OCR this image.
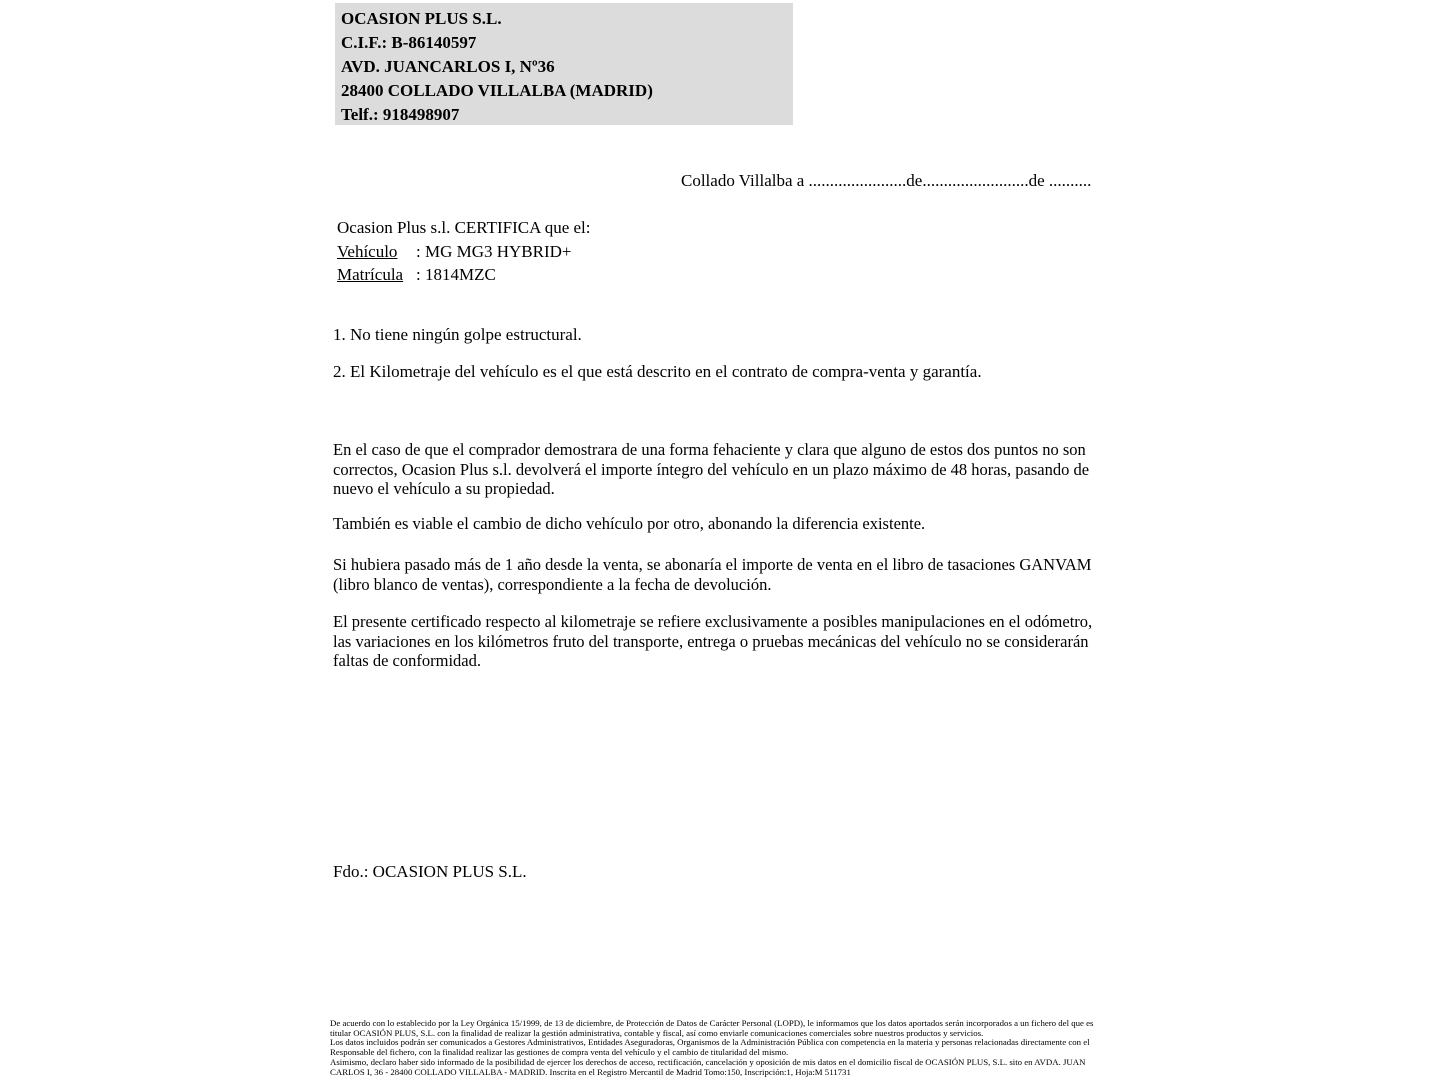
OCASION PLUS S.L.
C.I.F.: B-86140597
AVD. JUANCARLOS I, Nº36
28400 COLLADO VILLALBA (MADRID)
Telf.: 918498907
Collado Villalba a .......................de.........................de ..........
Ocasion Plus s.l. CERTIFICA que el:
Vehículo : MG MG3 HYBRID+
Matrícula : 1814MZC
1. No tiene ningún golpe estructural.
2. El Kilometraje del vehículo es el que está descrito en el contrato de compra-venta y garantía.
En el caso de que el comprador demostrara de una forma fehaciente y clara que alguno de estos dos puntos no son correctos, Ocasion Plus s.l. devolverá el importe íntegro del vehículo en un plazo máximo de 48 horas, pasando de nuevo el vehículo a su propiedad.
También es viable el cambio de dicho vehículo por otro, abonando la diferencia existente.
Si hubiera pasado más de 1 año desde la venta, se abonaría el importe de venta en el libro de tasaciones GANVAM (libro blanco de ventas), correspondiente a la fecha de devolución.
El presente certificado respecto al kilometraje se refiere exclusivamente a posibles manipulaciones en el odómetro, las variaciones en los kilómetros fruto del transporte, entrega o pruebas mecánicas del vehículo no se considerarán faltas de conformidad.
Fdo.: OCASION PLUS S.L.

De acuerdo con lo establecido por la Ley Orgánica 15/1999, de 13 de diciembre, de Protección de Datos de Carácter Personal (LOPD), le informamos que los datos aportados serán incorporados a un fichero del que es titular OCASIÓN PLUS, S.L. con la finalidad de realizar la gestión administrativa, contable y fiscal, así como enviarle comunicaciones comerciales sobre nuestros productos y servicios.

Los datos incluidos podrán ser comunicados a Gestores Administrativos, Entidades Aseguradoras, Organismos de la Administración Pública con competencia en la materia y personas relacionadas directamente con el Responsable del fichero, con la finalidad realizar las gestiones de compra venta del vehículo y el cambio de titularidad del mismo.

Asimismo, declaro haber sido informado de la posibilidad de ejercer los derechos de acceso, rectificación, cancelación y oposición de mis datos en el domicilio fiscal de OCASIÓN PLUS, S.L. sito en AVDA. JUAN CARLOS I, 36 - 28400 COLLADO VILLALBA - MADRID. Inscrita en el Registro Mercantil de Madrid Tomo:150, Inscripción:1, Hoja:M 511731
